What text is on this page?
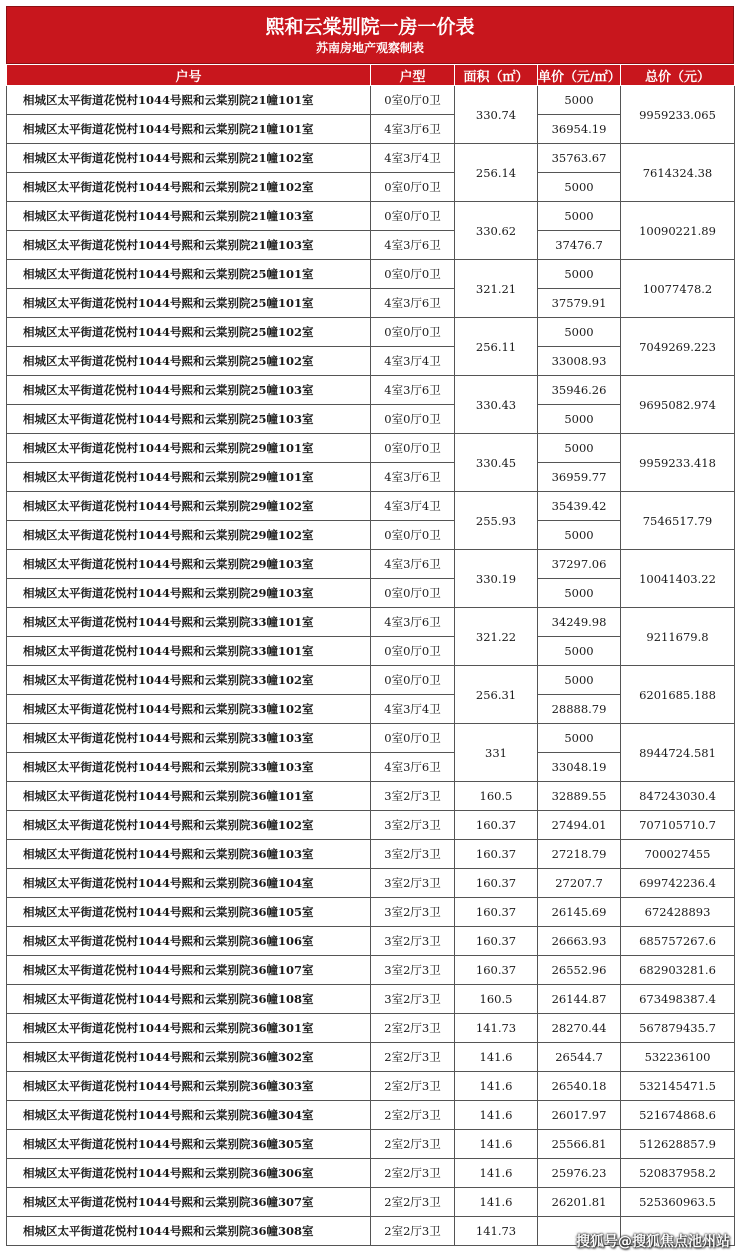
熙和云棠别院一房一价表
苏南房地产观察制表
户号	户型	面积（㎡）	单价（元/㎡）	总价（元）
相城区太平街道花悦村1044号熙和云棠别院21幢101室	0室0厅0卫	330.74	5000	9959233.065
相城区太平街道花悦村1044号熙和云棠别院21幢101室	4室3厅6卫		36954.19	
相城区太平街道花悦村1044号熙和云棠别院21幢102室	4室3厅4卫	256.14	35763.67	7614324.38
相城区太平街道花悦村1044号熙和云棠别院21幢102室	0室0厅0卫		5000	
相城区太平街道花悦村1044号熙和云棠别院21幢103室	0室0厅0卫	330.62	5000	10090221.89
相城区太平街道花悦村1044号熙和云棠别院21幢103室	4室3厅6卫		37476.7	
相城区太平街道花悦村1044号熙和云棠别院25幢101室	0室0厅0卫	321.21	5000	10077478.2
相城区太平街道花悦村1044号熙和云棠别院25幢101室	4室3厅6卫		37579.91	
相城区太平街道花悦村1044号熙和云棠别院25幢102室	0室0厅0卫	256.11	5000	7049269.223
相城区太平街道花悦村1044号熙和云棠别院25幢102室	4室3厅4卫		33008.93	
相城区太平街道花悦村1044号熙和云棠别院25幢103室	4室3厅6卫	330.43	35946.26	9695082.974
相城区太平街道花悦村1044号熙和云棠别院25幢103室	0室0厅0卫		5000	
相城区太平街道花悦村1044号熙和云棠别院29幢101室	0室0厅0卫	330.45	5000	9959233.418
相城区太平街道花悦村1044号熙和云棠别院29幢101室	4室3厅6卫		36959.77	
相城区太平街道花悦村1044号熙和云棠别院29幢102室	4室3厅4卫	255.93	35439.42	7546517.79
相城区太平街道花悦村1044号熙和云棠别院29幢102室	0室0厅0卫		5000	
相城区太平街道花悦村1044号熙和云棠别院29幢103室	4室3厅6卫	330.19	37297.06	10041403.22
相城区太平街道花悦村1044号熙和云棠别院29幢103室	0室0厅0卫		5000	
相城区太平街道花悦村1044号熙和云棠别院33幢101室	4室3厅6卫	321.22	34249.98	9211679.8
相城区太平街道花悦村1044号熙和云棠别院33幢101室	0室0厅0卫		5000	
相城区太平街道花悦村1044号熙和云棠别院33幢102室	0室0厅0卫	256.31	5000	6201685.188
相城区太平街道花悦村1044号熙和云棠别院33幢102室	4室3厅4卫		28888.79	
相城区太平街道花悦村1044号熙和云棠别院33幢103室	0室0厅0卫	331	5000	8944724.581
相城区太平街道花悦村1044号熙和云棠别院33幢103室	4室3厅6卫		33048.19	
相城区太平街道花悦村1044号熙和云棠别院36幢101室	3室2厅3卫	160.5	32889.55	847243030.4
相城区太平街道花悦村1044号熙和云棠别院36幢102室	3室2厅3卫	160.37	27494.01	707105710.7
相城区太平街道花悦村1044号熙和云棠别院36幢103室	3室2厅3卫	160.37	27218.79	700027455
相城区太平街道花悦村1044号熙和云棠别院36幢104室	3室2厅3卫	160.37	27207.7	699742236.4
相城区太平街道花悦村1044号熙和云棠别院36幢105室	3室2厅3卫	160.37	26145.69	672428893
相城区太平街道花悦村1044号熙和云棠别院36幢106室	3室2厅3卫	160.37	26663.93	685757267.6
相城区太平街道花悦村1044号熙和云棠别院36幢107室	3室2厅3卫	160.37	26552.96	682903281.6
相城区太平街道花悦村1044号熙和云棠别院36幢108室	3室2厅3卫	160.5	26144.87	673498387.4
相城区太平街道花悦村1044号熙和云棠别院36幢301室	2室2厅3卫	141.73	28270.44	567879435.7
相城区太平街道花悦村1044号熙和云棠别院36幢302室	2室2厅3卫	141.6	26544.7	532236100
相城区太平街道花悦村1044号熙和云棠别院36幢303室	2室2厅3卫	141.6	26540.18	532145471.5
相城区太平街道花悦村1044号熙和云棠别院36幢304室	2室2厅3卫	141.6	26017.97	521674868.6
相城区太平街道花悦村1044号熙和云棠别院36幢305室	2室2厅3卫	141.6	25566.81	512628857.9
相城区太平街道花悦村1044号熙和云棠别院36幢306室	2室2厅3卫	141.6	25976.23	520837958.2
相城区太平街道花悦村1044号熙和云棠别院36幢307室	2室2厅3卫	141.6	26201.81	525360963.5
相城区太平街道花悦村1044号熙和云棠别院36幢308室	2室2厅3卫	141.73		
搜狐号@搜狐焦点池州站
